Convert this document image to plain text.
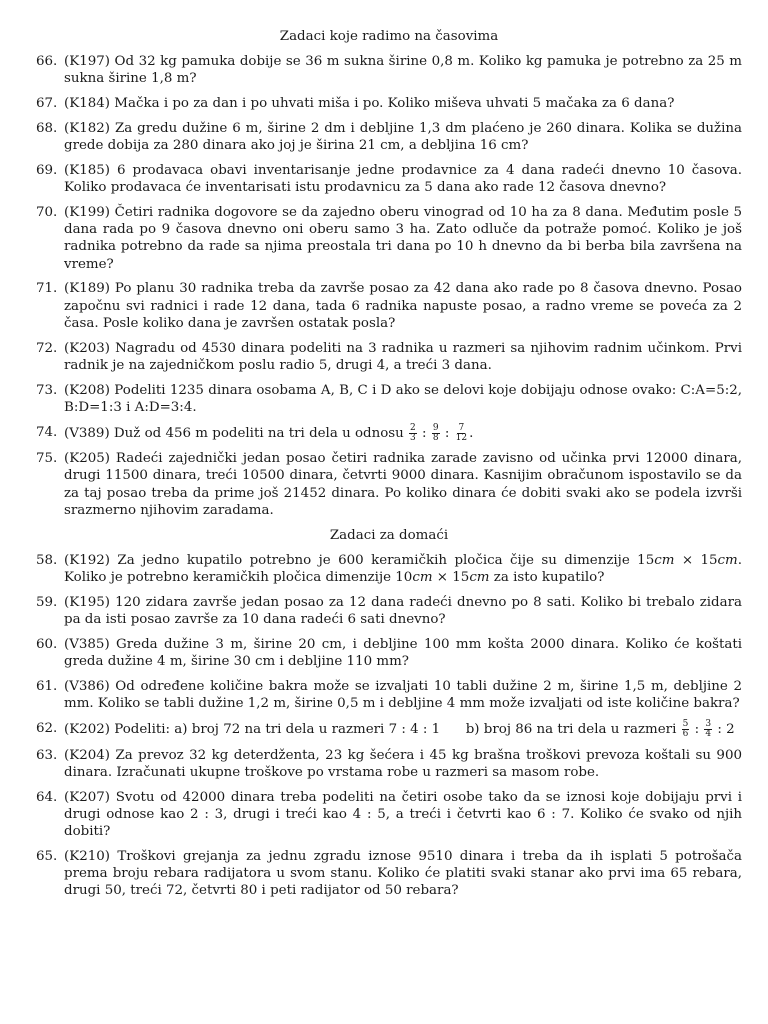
Zadaci koje radimo na časovima
66. (K197) Od 32 kg pamuka dobije se 36 m sukna širine 0,8 m. Koliko kg pamuka je potrebno za 25 m sukna širine 1,8 m?
67. (K184) Mačka i po za dan i po uhvati miša i po. Koliko miševa uhvati 5 mačaka za 6 dana?
68. (K182) Za gredu dužine 6 m, širine 2 dm i debljine 1,3 dm plaćeno je 260 dinara. Kolika se dužina grede dobija za 280 dinara ako joj je širina 21 cm, a debljina 16 cm?
69. (K185) 6 prodavaca obavi inventarisanje jedne prodavnice za 4 dana radeći dnevno 10 časova. Koliko prodavaca će inventarisati istu prodavnicu za 5 dana ako rade 12 časova dnevno?
70. (K199) Četiri radnika dogovore se da zajedno oberu vinograd od 10 ha za 8 dana. Međutim posle 5 dana rada po 9 časova dnevno oni oberu samo 3 ha. Zato odluče da potraže pomoć. Koliko je još radnika potrebno da rade sa njima preostala tri dana po 10 h dnevno da bi berba bila završena na vreme?
71. (K189) Po planu 30 radnika treba da završe posao za 42 dana ako rade po 8 časova dnevno. Posao započnu svi radnici i rade 12 dana, tada 6 radnika napuste posao, a radno vreme se poveća za 2 časa. Posle koliko dana je završen ostatak posla?
72. (K203) Nagradu od 4530 dinara podeliti na 3 radnika u razmeri sa njihovim radnim učinkom. Prvi radnik je na zajedničkom poslu radio 5, drugi 4, a treći 3 dana.
73. (K208) Podeliti 1235 dinara osobama A, B, C i D ako se delovi koje dobijaju odnose ovako: C:A=5:2, B:D=1:3 i A:D=3:4.
74. (V389) Duž od 456 m podeliti na tri dela u odnosu $\frac{2}{3}$ : $\frac{9}{8}$ : $\frac{7}{12}$ .
75. (K205) Radeći zajednički jedan posao četiri radnika zarade zavisno od učinka prvi 12000 dinara, drugi 11500 dinara, treći 10500 dinara, četvrti 9000 dinara. Kasnijim obračunom ispostavilo se da za taj posao treba da prime još 21452 dinara. Po koliko dinara će dobiti svaki ako se podela izvrši srazmerno njihovim zaradama.
Zadaci za domaći
58. (K192) Za jedno kupatilo potrebno je 600 keramičkih pločica čije su dimenzije 15cm × 15cm. Koliko je potrebno keramičkih pločica dimenzije 10cm × 15cm za isto kupatilo?
59. (K195) 120 zidara završe jedan posao za 12 dana radeći dnevno po 8 sati. Koliko bi trebalo zidara pa da isti posao završe za 10 dana radeći 6 sati dnevno?
60. (V385) Greda dužine 3 m, širine 20 cm, i debljine 100 mm košta 2000 dinara. Koliko će koštati greda dužine 4 m, širine 30 cm i debljine 110 mm?
61. (V386) Od određene količine bakra može se izvaljati 10 tabli dužine 2 m, širine 1,5 m, debljine 2 mm. Koliko se tabli dužine 1,2 m, širine 0,5 m i debljine 4 mm može izvaljati od iste količine bakra?
62. (K202) Podeliti: a) broj 72 na tri dela u razmeri 7 : 4 : 1      b) broj 86 na tri dela u razmeri $\frac{5}{6}$ : $\frac{3}{4}$ : 2
63. (K204) Za prevoz 32 kg deterdženta, 23 kg šećera i 45 kg brašna troškovi prevoza koštali su 900 dinara. Izračunati ukupne troškove po vrstama robe u razmeri sa masom robe.
64. (K207) Svotu od 42000 dinara treba podeliti na četiri osobe tako da se iznosi koje dobijaju prvi i drugi odnose kao 2 : 3, drugi i treći kao 4 : 5, a treći i četvrti kao 6 : 7. Koliko će svako od njih dobiti?
65. (K210) Troškovi grejanja za jednu zgradu iznose 9510 dinara i treba da ih isplati 5 potrošača prema broju rebara radijatora u svom stanu. Koliko će platiti svaki stanar ako prvi ima 65 rebara, drugi 50, treći 72, četvrti 80 i peti radijator od 50 rebara?
